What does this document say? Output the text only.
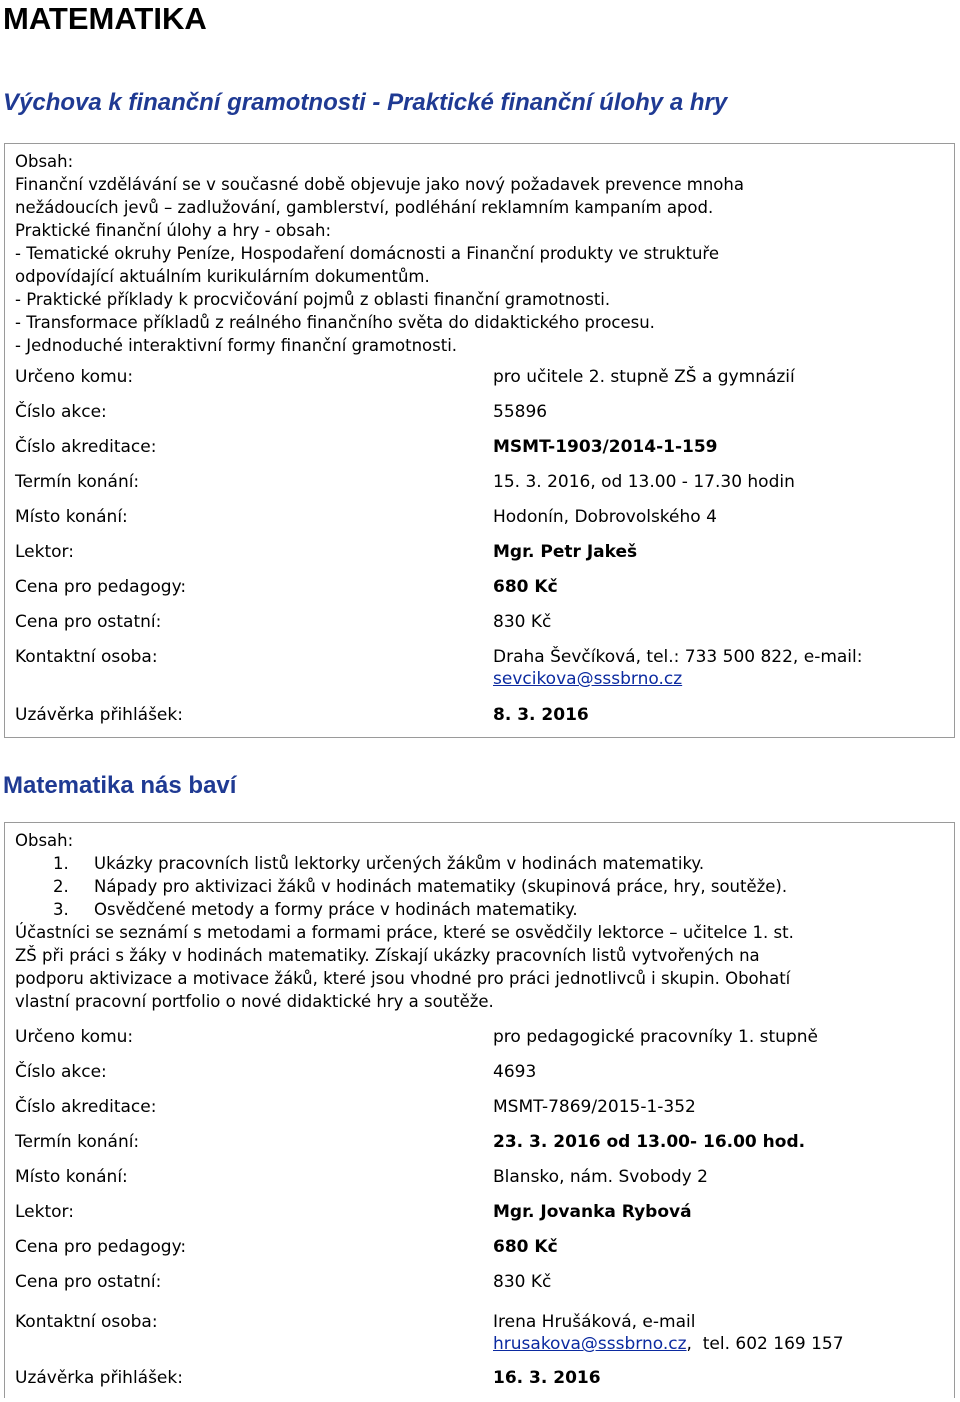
MATEMATIKA
Výchova k finanční gramotnosti - Praktické finanční úlohy a hry
Obsah:
Finanční vzdělávání se v současné době objevuje jako nový požadavek prevence mnoha
nežádoucích jevů – zadlužování, gamblerství, podléhání reklamním kampaním apod.
Praktické finanční úlohy a hry - obsah:
- Tematické okruhy Peníze, Hospodaření domácnosti a Finanční produkty ve struktuře
odpovídající aktuálním kurikulárním dokumentům.
- Praktické příklady k procvičování pojmů z oblasti finanční gramotnosti.
- Transformace příkladů z reálného finančního světa do didaktického procesu.
- Jednoduché interaktivní formy finanční gramotnosti.
Určeno komu:	pro učitele 2. stupně ZŠ a gymnázií
Číslo akce:	55896
Číslo akreditace:	MSMT-1903/2014-1-159
Termín konání:	15. 3. 2016, od 13.00 - 17.30 hodin
Místo konání:	Hodonín, Dobrovolského 4
Lektor:	Mgr. Petr Jakeš
Cena pro pedagogy:	680 Kč
Cena pro ostatní:	830 Kč
Kontaktní osoba:	Draha Ševčíková, tel.: 733 500 822, e-mail:
sevcikova@sssbrno.cz
Uzávěrka přihlášek:	8. 3. 2016
Matematika nás baví
Obsah:
1. Ukázky pracovních listů lektorky určených žákům v hodinách matematiky.
2. Nápady pro aktivizaci žáků v hodinách matematiky (skupinová práce, hry, soutěže).
3. Osvědčené metody a formy práce v hodinách matematiky.
Účastníci se seznámí s metodami a formami práce, které se osvědčily lektorce – učitelce 1. st.
ZŠ při práci s žáky v hodinách matematiky. Získají ukázky pracovních listů vytvořených na
podporu aktivizace a motivace žáků, které jsou vhodné pro práci jednotlivců i skupin. Obohatí
vlastní pracovní portfolio o nové didaktické hry a soutěže.
Určeno komu:	pro pedagogické pracovníky 1. stupně
Číslo akce:	4693
Číslo akreditace:	MSMT-7869/2015-1-352
Termín konání:	23. 3. 2016 od 13.00- 16.00 hod.
Místo konání:	Blansko, nám. Svobody 2
Lektor:	Mgr. Jovanka Rybová
Cena pro pedagogy:	680 Kč
Cena pro ostatní:	830 Kč
Kontaktní osoba:	Irena Hrušáková, e-mail
hrusakova@sssbrno.cz,  tel. 602 169 157
Uzávěrka přihlášek:	16. 3. 2016
